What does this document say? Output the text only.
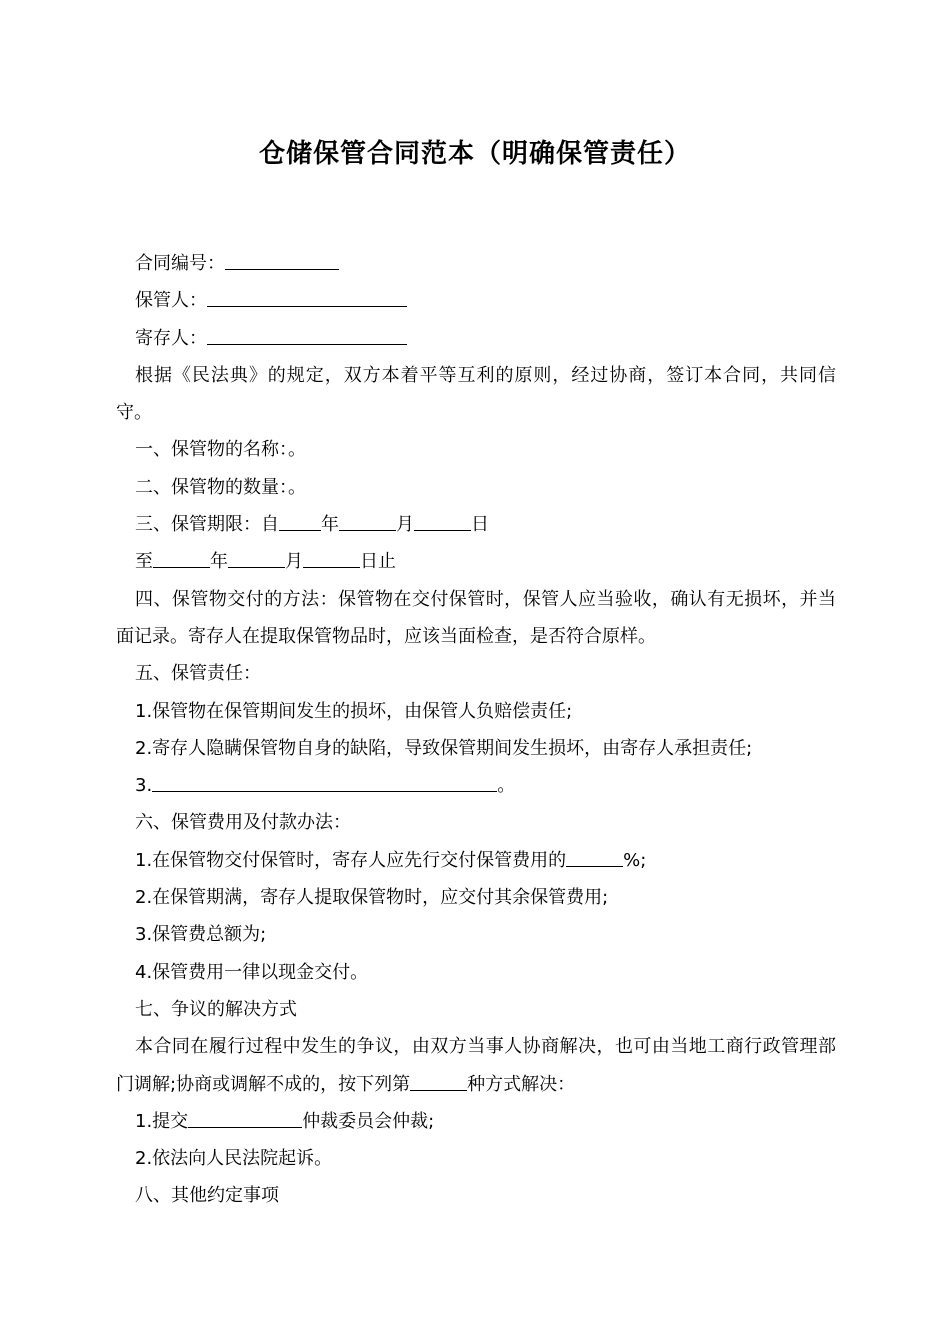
仓储保管合同范本（明确保管责任）

合同编号：

保管人：

寄存人：

根据《民法典》的规定，双方本着平等互利的原则，经过协商，签订本合同，共同信守。

一、保管物的名称：。

二、保管物的数量：。

三、保管期限：自 年	月	日

至	年	月	日止

四、保管物交付的方法：保管物在交付保管时，保管人应当验收，确认有无损坏，并当面记录。寄存人在提取保管物品时，应该当面检查，是否符合原样。

五、保管责任：

1.保管物在保管期间发生的损坏，由保管人负赔偿责任;

2.寄存人隐瞒保管物自身的缺陷，导致保管期间发生损坏，由寄存人承担责任;

3.	。

六、保管费用及付款办法：

1.在保管物交付保管时，寄存人应先行交付保管费用的	%;

2.在保管期满，寄存人提取保管物时，应交付其余保管费用;

3.保管费总额为;

4.保管费用一律以现金交付。

七、争议的解决方式

本合同在履行过程中发生的争议，由双方当事人协商解决，也可由当地工商行政管理部门调解;协商或调解不成的，按下列第	种方式解决：

1.提交	仲裁委员会仲裁;

2.依法向人民法院起诉。

八、其他约定事项
